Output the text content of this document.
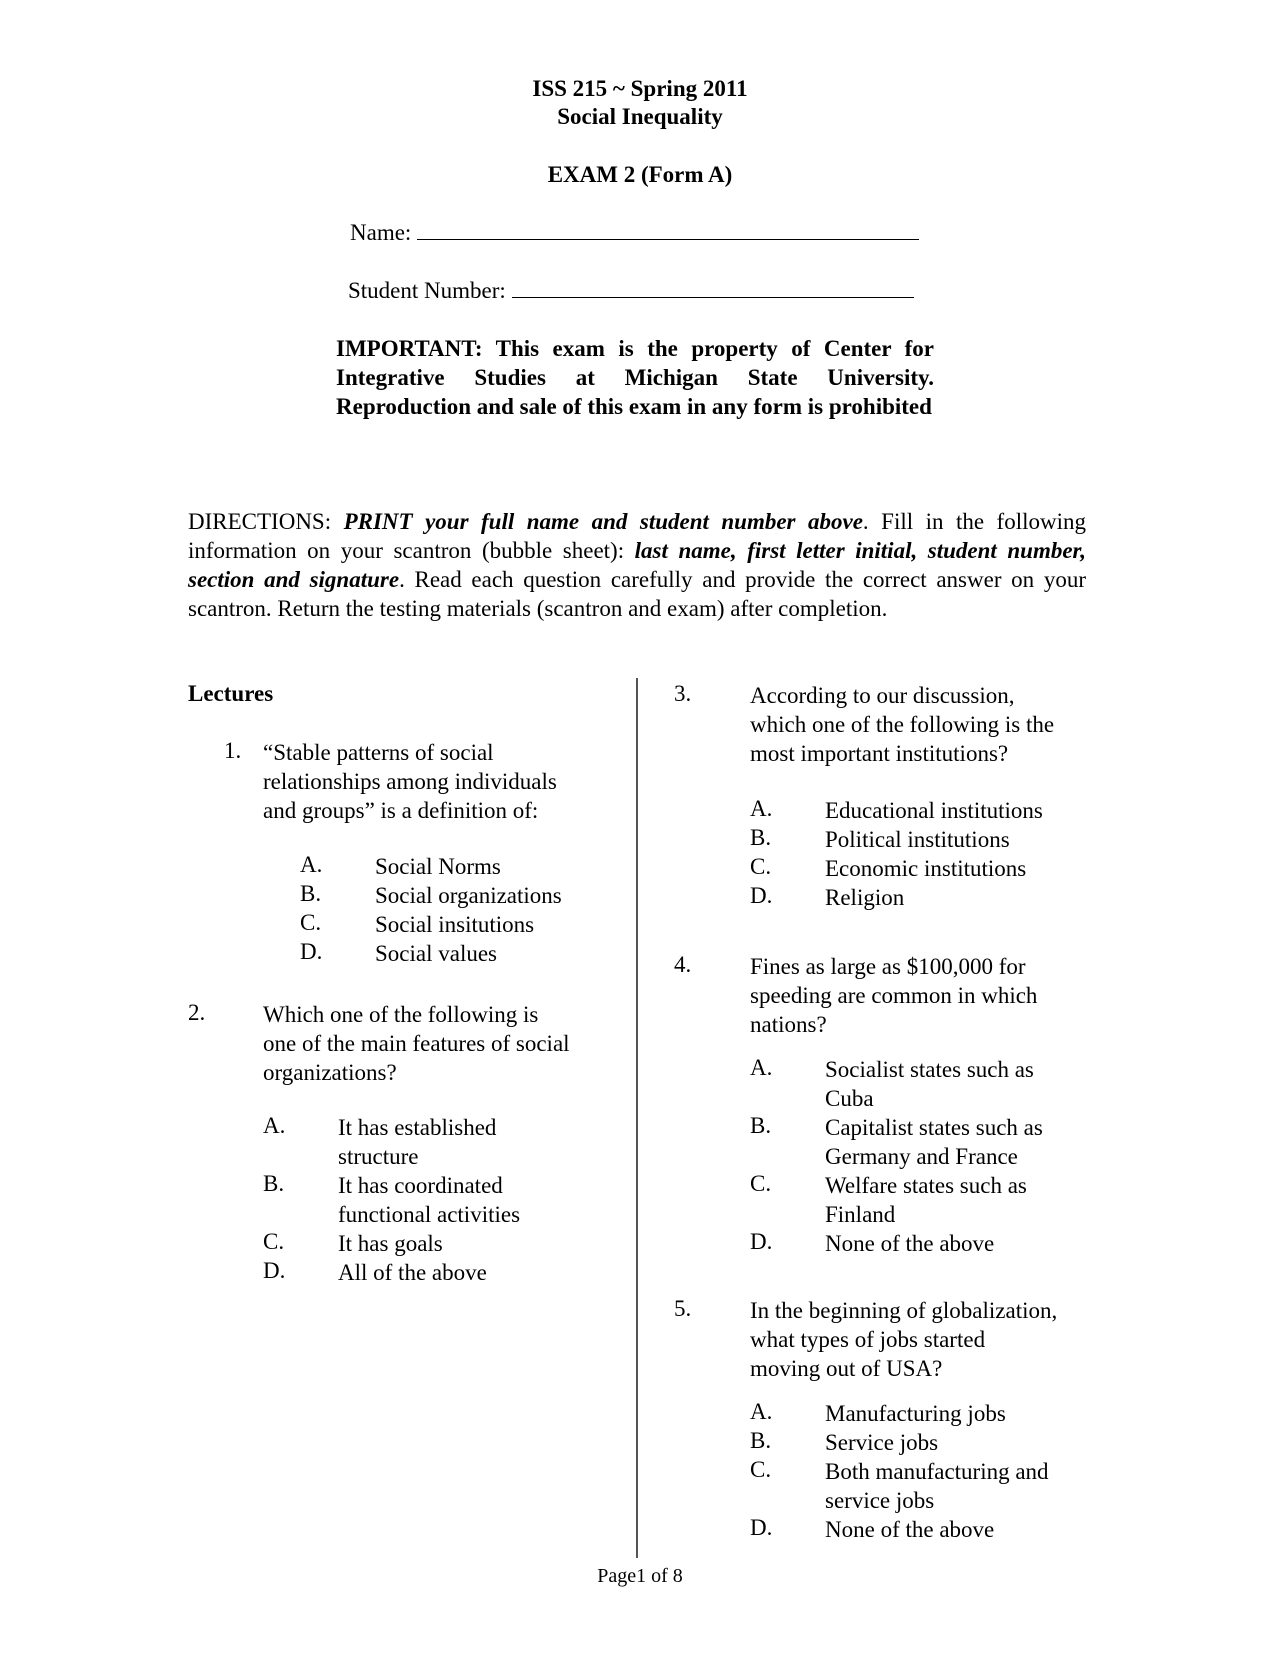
ISS 215 ~ Spring 2011
Social Inequality
EXAM 2 (Form A)
Name:
Student Number:
IMPORTANT: This exam is the property of Center for Integrative Studies at Michigan State University. Reproduction and sale of this exam in any form is prohibited
DIRECTIONS: PRINT your full name and student number above. Fill in the following information on your scantron (bubble sheet): last name, first letter initial, student number, section and signature. Read each question carefully and provide the correct answer on your scantron. Return the testing materials (scantron and exam) after completion.
Lectures
1. “Stable patterns of social
relationships among individuals
and groups” is a definition of:
A. Social Norms
B. Social organizations
C. Social insitutions
D. Social values
2.	Which one of the following is
one of the main features of social
organizations?
A. It has established
structure
B. It has coordinated
functional activities
C. It has goals
D. All of the above
3.	According to our discussion,
which one of the following is the
most important institutions?
A. Educational institutions
B. Political institutions
C. Economic institutions
D. Religion
4.	Fines as large as $100,000 for
speeding are common in which
nations?
A. Socialist states such as
Cuba
B. Capitalist states such as
Germany and France
C. Welfare states such as
Finland
D. None of the above
5.	In the beginning of globalization,
what types of jobs started
moving out of USA?
A. Manufacturing jobs
B. Service jobs
C. Both manufacturing and
service jobs
D. None of the above
Page1 of 8
